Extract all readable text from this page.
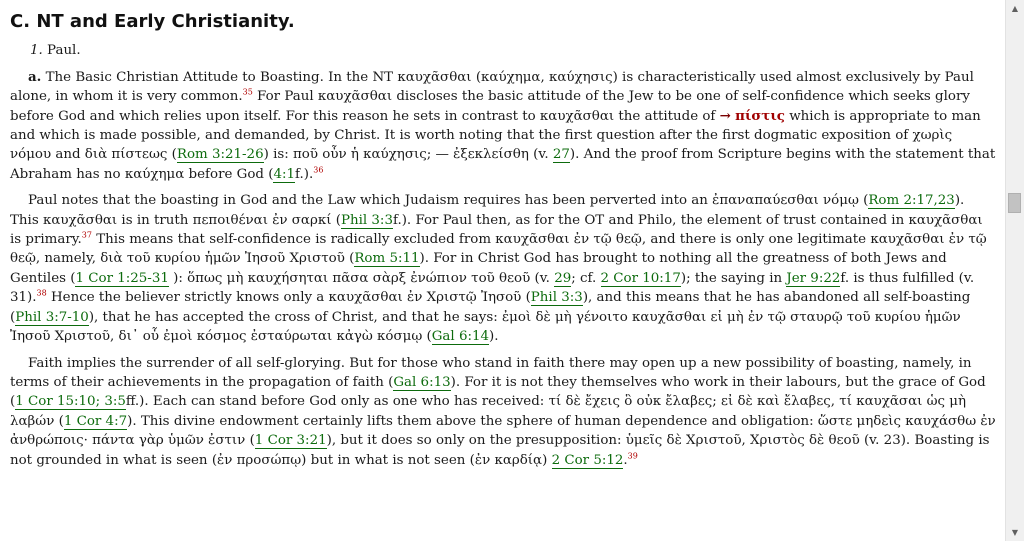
C. NT and Early Christianity.
1. Paul.

a. The Basic Christian Attitude to Boasting. In the NT καυχᾶσθαι (καύχημα, καύχησις) is characteristically used almost exclusively by Paul alone, in whom it is very common.$^{35}$ For Paul καυχᾶσθαι discloses the basic attitude of the Jew to be one of self-confidence which seeks glory before God and which relies upon itself. For this reason he sets in contrast to καυχᾶσθαι the attitude of → πίστις which is appropriate to man and which is made possible, and demanded, by Christ. It is worth noting that the first question after the first dogmatic exposition of χωρὶς νόμου and διὰ πίστεως (Rom 3:21-26) is: ποῦ οὖν ἡ καύχησις; — ἐξεκλείσθη (v. 27). And the proof from Scripture begins with the statement that Abraham has no καύχημα before God (4:1f.).$^{36}$

Paul notes that the boasting in God and the Law which Judaism requires has been perverted into an ἐπαναπαύεσθαι νόμῳ (Rom 2:17,23). This καυχᾶσθαι is in truth πεποιθέναι ἐν σαρκί (Phil 3:3f.). For Paul then, as for the OT and Philo, the element of trust contained in καυχᾶσθαι is primary.$^{37}$ This means that self-confidence is radically excluded from καυχᾶσθαι ἐν τῷ θεῷ, and there is only one legitimate καυχᾶσθαι ἐν τῷ θεῷ, namely, διὰ τοῦ κυρίου ἡμῶν Ἰησοῦ Χριστοῦ (Rom 5:11). For in Christ God has brought to nothing all the greatness of both Jews and Gentiles (1 Cor 1:25-31 ): ὅπως μὴ καυχήσηται πᾶσα σὰρξ ἐνώπιον τοῦ θεοῦ (v. 29; cf. 2 Cor 10:17); the saying in Jer 9:22f. is thus fulfilled (v. 31).$^{38}$ Hence the believer strictly knows only a καυχᾶσθαι ἐν Χριστῷ Ἰησοῦ (Phil 3:3), and this means that he has abandoned all self-boasting (Phil 3:7-10), that he has accepted the cross of Christ, and that he says: ἐμοὶ δὲ μὴ γένοιτο καυχᾶσθαι εἰ μὴ ἐν τῷ σταυρῷ τοῦ κυρίου ἡμῶν Ἰησοῦ Χριστοῦ, δι᾿ οὗ ἐμοὶ κόσμος ἐσταύρωται κἀγὼ κόσμῳ (Gal 6:14).

Faith implies the surrender of all self-glorying. But for those who stand in faith there may open up a new possibility of boasting, namely, in terms of their achievements in the propagation of faith (Gal 6:13). For it is not they themselves who work in their labours, but the grace of God (1 Cor 15:10; 3:5ff.). Each can stand before God only as one who has received: τί δὲ ἔχεις ὃ οὐκ ἔλαβες; εἰ δὲ καὶ ἔλαβες, τί καυχᾶσαι ὡς μὴ λαβών (1 Cor 4:7). This divine endowment certainly lifts them above the sphere of human dependence and obligation: ὥστε μηδεὶς καυχάσθω ἐν ἀνθρώποις· πάντα γὰρ ὑμῶν ἐστιν (1 Cor 3:21), but it does so only on the presupposition: ὑμεῖς δὲ Χριστοῦ, Χριστὸς δὲ θεοῦ (v. 23). Boasting is not grounded in what is seen (ἐν προσώπῳ) but in what is not seen (ἐν καρδίᾳ) 2 Cor 5:12.39

▲
▼
